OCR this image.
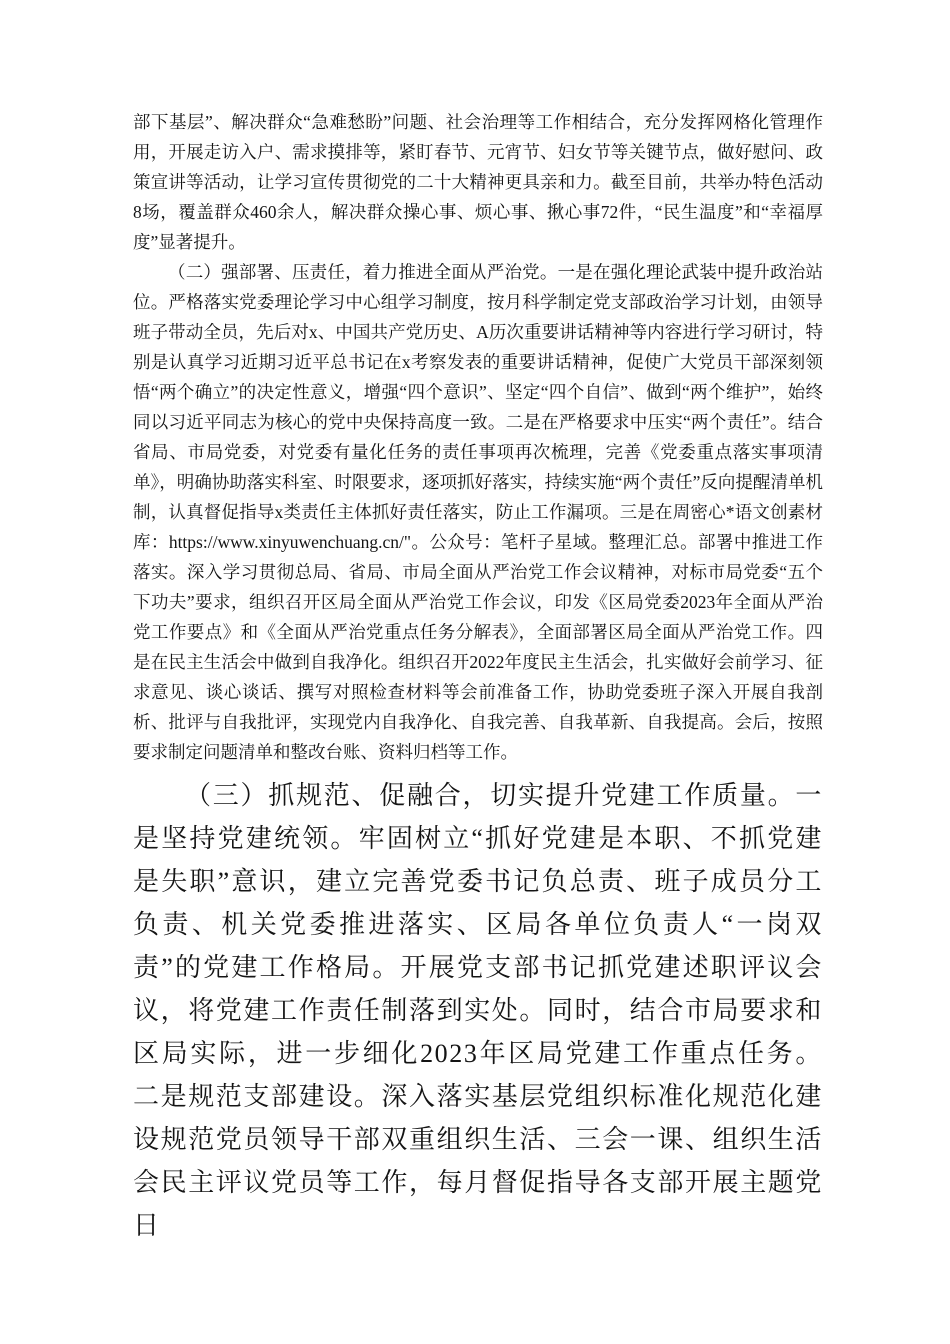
部下基层”、解决群众“急难愁盼”问题、社会治理等工作相结合，充分发挥网格化管理作用，开展走访入户、需求摸排等，紧盯春节、元宵节、妇女节等关键节点，做好慰问、政策宣讲等活动，让学习宣传贯彻党的二十大精神更具亲和力。截至目前，共举办特色活动8场，覆盖群众460余人，解决群众操心事、烦心事、揪心事72件，“民生温度”和“幸福厚度”显著提升。

（二）强部署、压责任，着力推进全面从严治党。一是在强化理论武装中提升政治站位。严格落实党委理论学习中心组学习制度，按月科学制定党支部政治学习计划，由领导班子带动全员，先后对x、中国共产党历史、A历次重要讲话精神等内容进行学习研讨，特别是认真学习近期习近平总书记在x考察发表的重要讲话精神，促使广大党员干部深刻领悟“两个确立”的决定性意义，增强“四个意识”、坚定“四个自信”、做到“两个维护”，始终同以习近平同志为核心的党中央保持高度一致。二是在严格要求中压实“两个责任”。结合省局、市局党委，对党委有量化任务的责任事项再次梳理，完善《党委重点落实事项清单》，明确协助落实科室、时限要求，逐项抓好落实，持续实施“两个责任”反向提醒清单机制，认真督促指导x类责任主体抓好责任落实，防止工作漏项。三是在周密心*语文创素材库：https://www.xinyuwenchuang.cn/"。公众号：笔杆子星域。整理汇总。部署中推进工作落实。深入学习贯彻总局、省局、市局全面从严治党工作会议精神，对标市局党委“五个下功夫”要求，组织召开区局全面从严治党工作会议，印发《区局党委2023年全面从严治党工作要点》和《全面从严治党重点任务分解表》，全面部署区局全面从严治党工作。四是在民主生活会中做到自我净化。组织召开2022年度民主生活会，扎实做好会前学习、征求意见、谈心谈话、撰写对照检查材料等会前准备工作，协助党委班子深入开展自我剖析、批评与自我批评，实现党内自我净化、自我完善、自我革新、自我提高。会后，按照要求制定问题清单和整改台账、资料归档等工作。

（三）抓规范、促融合，切实提升党建工作质量。一是坚持党建统领。牢固树立“抓好党建是本职、不抓党建是失职”意识，建立完善党委书记负总责、班子成员分工负责、机关党委推进落实、区局各单位负责人“一岗双责”的党建工作格局。开展党支部书记抓党建述职评议会议，将党建工作责任制落到实处。同时，结合市局要求和区局实际，进一步细化2023年区局党建工作重点任务。二是规范支部建设。深入落实基层党组织标准化规范化建设规范党员领导干部双重组织生活、三会一课、组织生活会民主评议党员等工作，每月督促指导各支部开展主题党日
